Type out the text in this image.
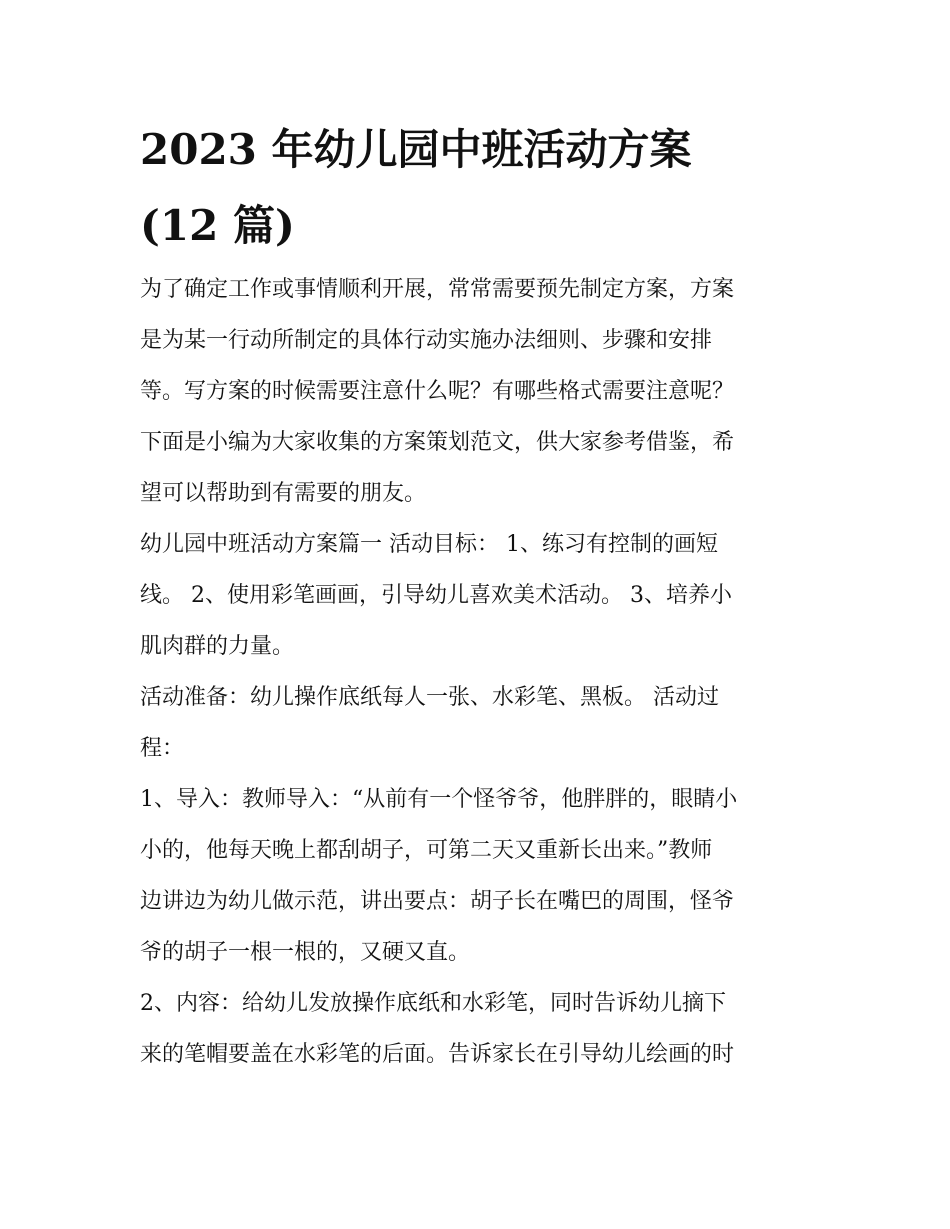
2023 年幼儿园中班活动方案
(12 篇)

为了确定工作或事情顺利开展，常常需要预先制定方案，方案
是为某一行动所制定的具体行动实施办法细则、步骤和安排
等。写方案的时候需要注意什么呢？有哪些格式需要注意呢？
下面是小编为大家收集的方案策划范文，供大家参考借鉴，希
望可以帮助到有需要的朋友。

幼儿园中班活动方案篇一 活动目标： 1、练习有控制的画短
线。 2、使用彩笔画画，引导幼儿喜欢美术活动。 3、培养小
肌肉群的力量。

活动准备：幼儿操作底纸每人一张、水彩笔、黑板。 活动过
程：

1、导入：教师导入：“从前有一个怪爷爷，他胖胖的，眼睛小
小的，他每天晚上都刮胡子，可第二天又重新长出来。”教师
边讲边为幼儿做示范，讲出要点：胡子长在嘴巴的周围，怪爷
爷的胡子一根一根的，又硬又直。

2、内容：给幼儿发放操作底纸和水彩笔，同时告诉幼儿摘下
来的笔帽要盖在水彩笔的后面。告诉家长在引导幼儿绘画的时
